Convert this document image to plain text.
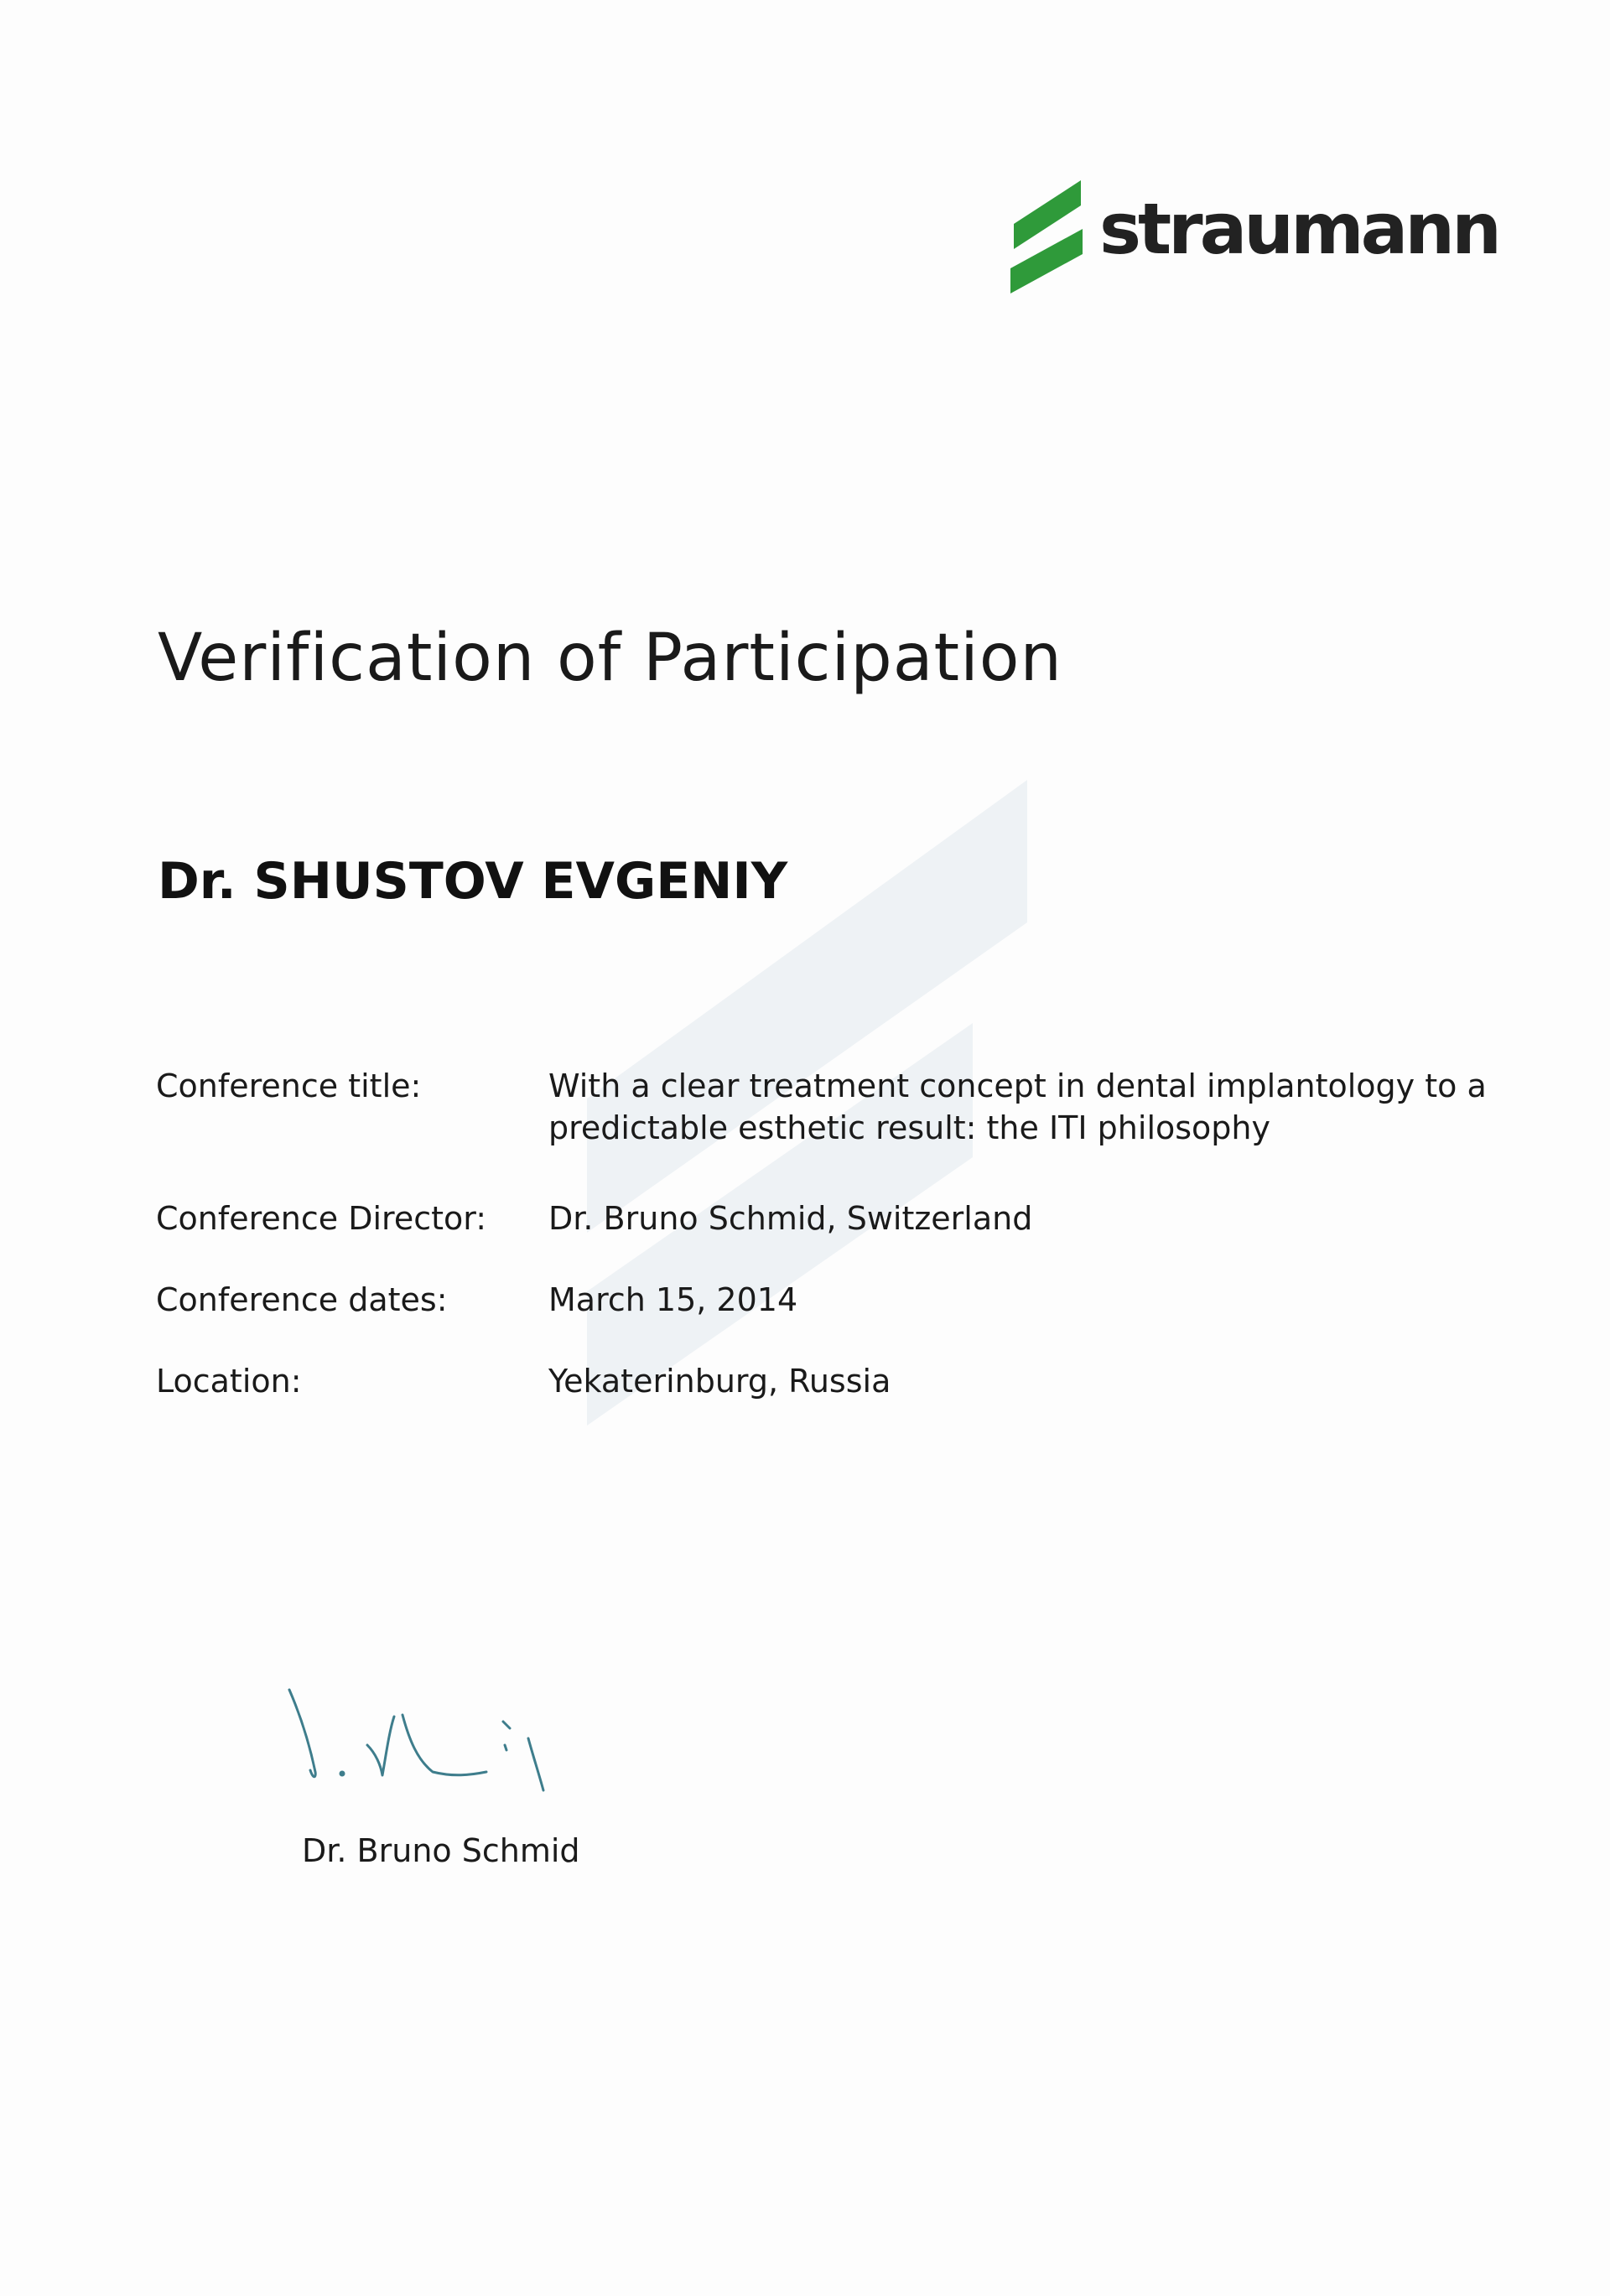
straumann
Verification of Participation
Dr. SHUSTOV EVGENIY
Conference title:	With a clear treatment concept in dental implantology to a predictable esthetic result: the ITI philosophy
Conference Director:	Dr. Bruno Schmid, Switzerland
Conference dates:	March 15, 2014
Location:	Yekaterinburg, Russia
Dr. Bruno Schmid
